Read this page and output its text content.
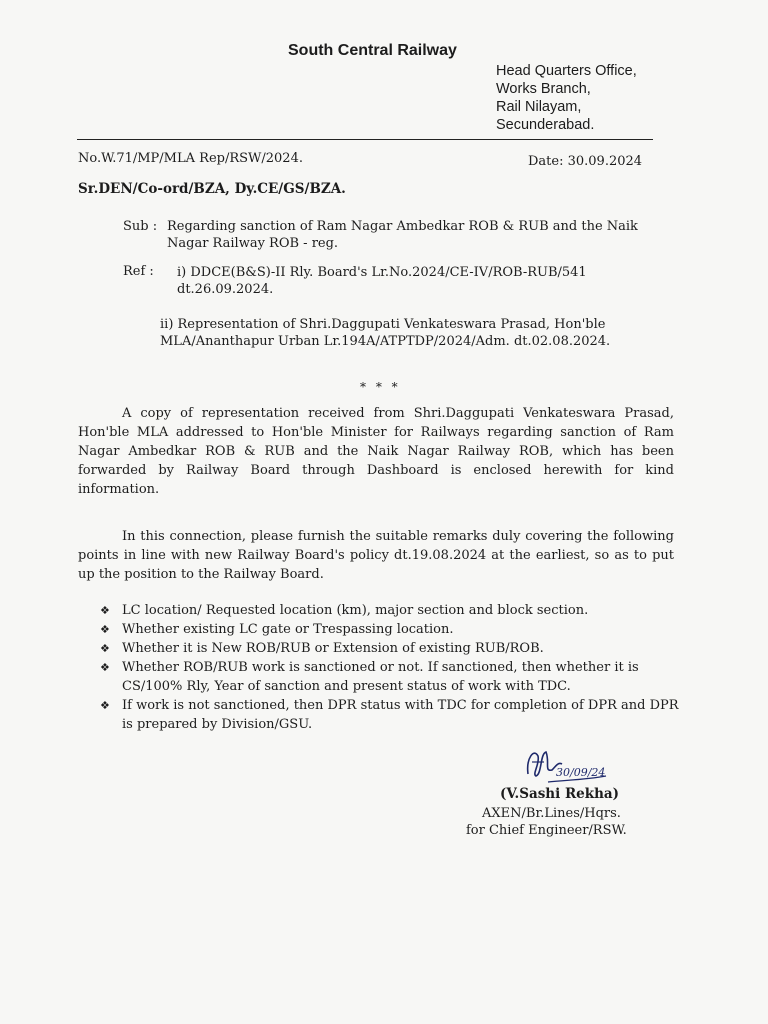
South Central Railway
Head Quarters Office,
Works Branch,
Rail Nilayam,
Secunderabad.
No.W.71/MP/MLA Rep/RSW/2024.	Date: 30.09.2024
Sr.DEN/Co-ord/BZA, Dy.CE/GS/BZA.
Sub : Regarding sanction of Ram Nagar Ambedkar ROB & RUB and the Naik Nagar Railway ROB - reg.
Ref : i) DDCE(B&S)-II Rly. Board's Lr.No.2024/CE-IV/ROB-RUB/541 dt.26.09.2024.
ii) Representation of Shri.Daggupati Venkateswara Prasad, Hon'ble MLA/Ananthapur Urban Lr.194A/ATPTDP/2024/Adm. dt.02.08.2024.
* * *
A copy of representation received from Shri.Daggupati Venkateswara Prasad, Hon'ble MLA addressed to Hon'ble Minister for Railways regarding sanction of Ram Nagar Ambedkar ROB & RUB and the Naik Nagar Railway ROB, which has been forwarded by Railway Board through Dashboard is enclosed herewith for kind information.
In this connection, please furnish the suitable remarks duly covering the following points in line with new Railway Board's policy dt.19.08.2024 at the earliest, so as to put up the position to the Railway Board.
❖ LC location/ Requested location (km), major section and block section.
❖ Whether existing LC gate or Trespassing location.
❖ Whether it is New ROB/RUB or Extension of existing RUB/ROB.
❖ Whether ROB/RUB work is sanctioned or not. If sanctioned, then whether it is CS/100% Rly, Year of sanction and present status of work with TDC.
❖ If work is not sanctioned, then DPR status with TDC for completion of DPR and DPR is prepared by Division/GSU.
30/09/24
(V.Sashi Rekha)
AXEN/Br.Lines/Hqrs.
for Chief Engineer/RSW.
